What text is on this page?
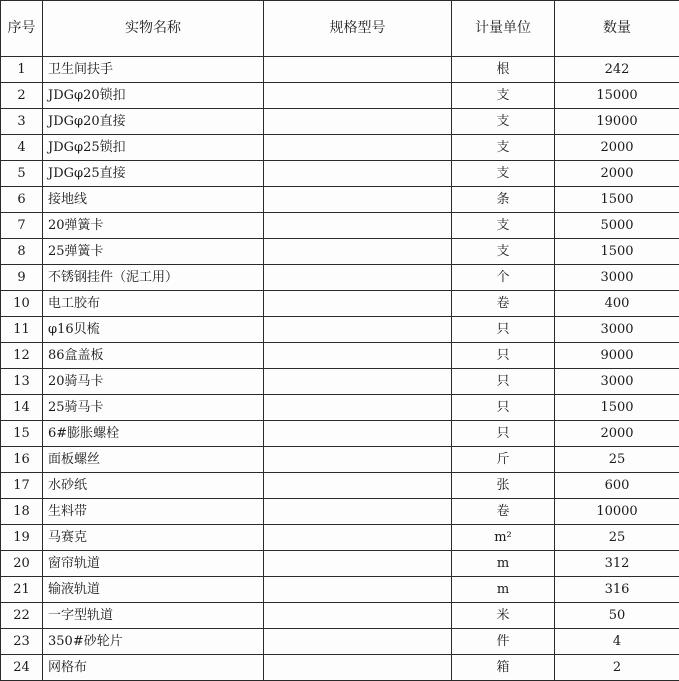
序号	实物名称	规格型号	计量单位	数量
1	卫生间扶手		根	242
2	JDGφ20锁扣		支	15000
3	JDGφ20直接		支	19000
4	JDGφ25锁扣		支	2000
5	JDGφ25直接		支	2000
6	接地线		条	1500
7	20弹簧卡		支	5000
8	25弹簧卡		支	1500
9	不锈钢挂件（泥工用）		个	3000
10	电工胶布		卷	400
11	φ16贝梳		只	3000
12	86盒盖板		只	9000
13	20骑马卡		只	3000
14	25骑马卡		只	1500
15	6#膨胀螺栓		只	2000
16	面板螺丝		斤	25
17	水砂纸		张	600
18	生料带		卷	10000
19	马赛克		m²	25
20	窗帘轨道		m	312
21	输液轨道		m	316
22	一字型轨道		米	50
23	350#砂轮片		件	4
24	网格布		箱	2
